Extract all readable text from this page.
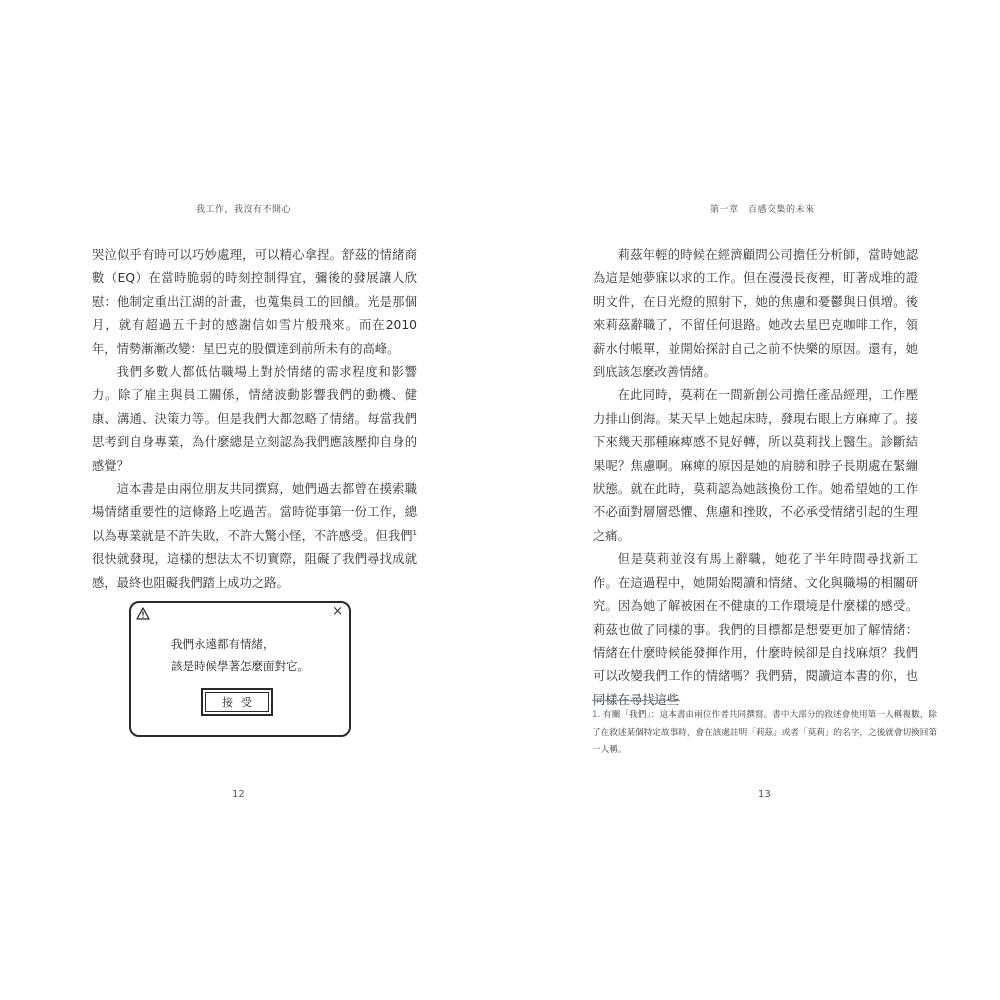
我工作，我沒有不開心

哭泣似乎有時可以巧妙處理，可以精心拿捏。舒茲的情緒商數（EQ）在當時脆弱的時刻控制得宜，彌後的發展讓人欣慰：他制定重出江湖的計畫，也蒐集員工的回饋。光是那個月，就有超過五千封的感謝信如雪片般飛來。而在2010年，情勢漸漸改變：星巴克的股價達到前所未有的高峰。

我們多數人都低估職場上對於情緒的需求程度和影響力。除了雇主與員工關係，情緒波動影響我們的動機、健康、溝通、決策力等。但是我們大都忽略了情緒。每當我們思考到自身專業，為什麼總是立刻認為我們應該壓抑自身的感覺？

這本書是由兩位朋友共同撰寫，她們過去都曾在摸索職場情緒重要性的這條路上吃過苦。當時從事第一份工作，總以為專業就是不許失敗，不許大驚小怪，不許感受。但我們$^1$很快就發現，這樣的想法太不切實際，阻礙了我們尋找成就感，最終也阻礙我們踏上成功之路。

×
我們永遠都有情緒，
該是時候學著怎麼面對它。
接受
12
第一章　百感交集的未來

莉茲年輕的時候在經濟顧問公司擔任分析師，當時她認為這是她夢寐以求的工作。但在漫漫長夜裡，盯著成堆的證明文件，在日光燈的照射下，她的焦慮和憂鬱與日俱增。後來莉茲辭職了，不留任何退路。她改去星巴克咖啡工作，領薪水付帳單，並開始探討自己之前不快樂的原因。還有，她到底該怎麼改善情緒。

在此同時，莫莉在一間新創公司擔任產品經理，工作壓力排山倒海。某天早上她起床時，發現右眼上方麻痺了。接下來幾天那種麻痺感不見好轉，所以莫莉找上醫生。診斷結果呢？焦慮啊。麻痺的原因是她的肩膀和脖子長期處在緊繃狀態。就在此時，莫莉認為她該換份工作。她希望她的工作不必面對層層恐懼、焦慮和挫敗，不必承受情緒引起的生理之痛。

但是莫莉並沒有馬上辭職，她花了半年時間尋找新工作。在這過程中，她開始閱讀和情緒、文化與職場的相關研究。因為她了解被困在不健康的工作環境是什麼樣的感受。莉茲也做了同樣的事。我們的目標都是想要更加了解情緒：情緒在什麼時候能發揮作用，什麼時候卻是自找麻煩？我們可以改變我們工作的情緒嗎？我們猜，閱讀這本書的你，也同樣在尋找這些

1. 有關「我們」：這本書由兩位作者共同撰寫。書中大部分的敘述會使用第一人稱複數，除了在敘述某個特定故事時，會在該處註明「莉茲」或者「莫莉」的名字，之後就會切換回第一人稱。
13
